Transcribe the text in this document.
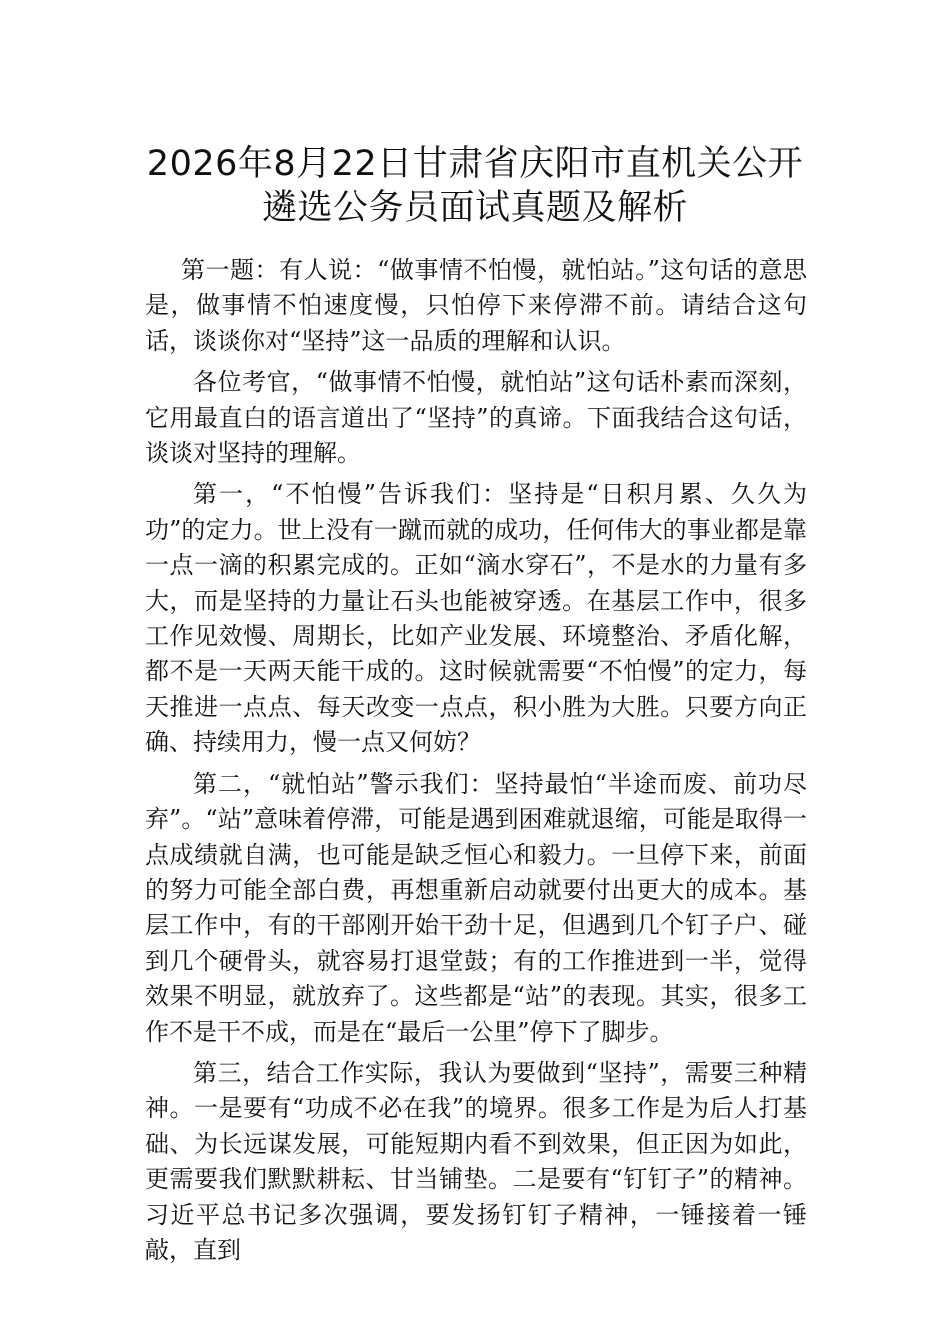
2026年8月22日甘肃省庆阳市直机关公开
遴选公务员面试真题及解析

第一题：有人说：“做事情不怕慢，就怕站。”这句话的意思是，做事情不怕速度慢，只怕停下来停滞不前。请结合这句话，谈谈你对“坚持”这一品质的理解和认识。

各位考官，“做事情不怕慢，就怕站”这句话朴素而深刻，它用最直白的语言道出了“坚持”的真谛。下面我结合这句话，谈谈对坚持的理解。

第一，“不怕慢”告诉我们：坚持是“日积月累、久久为功”的定力。世上没有一蹴而就的成功，任何伟大的事业都是靠一点一滴的积累完成的。正如“滴水穿石”，不是水的力量有多大，而是坚持的力量让石头也能被穿透。在基层工作中，很多工作见效慢、周期长，比如产业发展、环境整治、矛盾化解，都不是一天两天能干成的。这时候就需要“不怕慢”的定力，每天推进一点点、每天改变一点点，积小胜为大胜。只要方向正确、持续用力，慢一点又何妨？

第二，“就怕站”警示我们：坚持最怕“半途而废、前功尽弃”。“站”意味着停滞，可能是遇到困难就退缩，可能是取得一点成绩就自满，也可能是缺乏恒心和毅力。一旦停下来，前面的努力可能全部白费，再想重新启动就要付出更大的成本。基层工作中，有的干部刚开始干劲十足，但遇到几个钉子户、碰到几个硬骨头，就容易打退堂鼓；有的工作推进到一半，觉得效果不明显，就放弃了。这些都是“站”的表现。其实，很多工作不是干不成，而是在“最后一公里”停下了脚步。

第三，结合工作实际，我认为要做到“坚持”，需要三种精神。一是要有“功成不必在我”的境界。很多工作是为后人打基础、为长远谋发展，可能短期内看不到效果，但正因为如此，更需要我们默默耕耘、甘当铺垫。二是要有“钉钉子”的精神。习近平总书记多次强调，要发扬钉钉子精神，一锤接着一锤敲，直到
